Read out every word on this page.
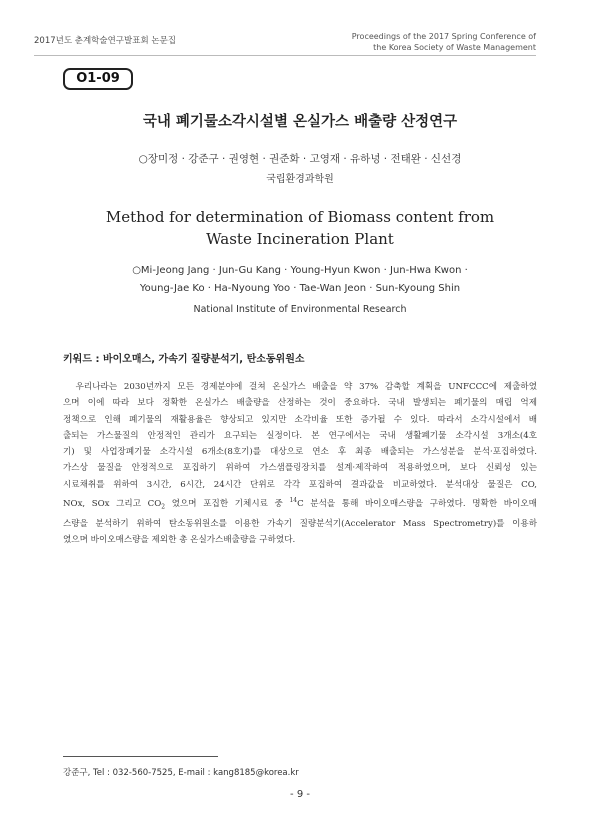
2017년도 춘계학술연구발표회 논문집	Proceedings of the 2017 Spring Conference of
the Korea Society of Waste Management
O1-09
국내 폐기물소각시설별 온실가스 배출량 산정연구
○장미정 · 강준구 · 권영현 · 권준화 · 고영재 · 유하녕 · 전태완 · 신선경
국립환경과학원
Method for determination of Biomass content from
Waste Incineration Plant
○Mi-Jeong Jang · Jun-Gu Kang · Young-Hyun Kwon · Jun-Hwa Kwon ·
Young-Jae Ko · Ha-Nyoung Yoo · Tae-Wan Jeon · Sun-Kyoung Shin
National Institute of Environmental Research
키워드 : 바이오매스, 가속기 질량분석기, 탄소동위원소
　우리나라는 2030년까지 모든 경제분야에 걸쳐 온실가스 배출을 약 37% 감축할 계획을 UNFCCC에 제출하였
으며 이에 따라 보다 정확한 온실가스 배출량을 산정하는 것이 중요하다. 국내 발생되는 폐기물의 매립 억제
정책으로 인해 폐기물의 재활용율은 향상되고 있지만 소각비율 또한 증가될 수 있다. 따라서 소각시설에서 배
출되는 가스물질의 안정적인 관리가 요구되는 실정이다. 본 연구에서는 국내 생활폐기물 소각시설 3개소(4호
기) 및 사업장폐기물 소각시설 6개소(8호기)를 대상으로 연소 후 최종 배출되는 가스성분을 분석·포집하였다.
가스상 물질을 안정적으로 포집하기 위하여 가스샘플링장치를 설계·제작하여 적용하였으며, 보다 신뢰성 있는
시료채취를 위하여 3시간, 6시간, 24시간 단위로 각각 포집하여 결과값을 비교하였다. 분석대상 물질은 CO,
NOx, SOx 그리고 $CO_2$ 였으며 포집한 기체시료 중 $^{14}$C 분석을 통해 바이오매스량을 구하였다. 명확한 바이오매
스량을 분석하기 위하여 탄소동위원소를 이용한 가속기 질량분석기(Accelerator Mass Spectrometry)를 이용하
였으며 바이오매스량을 제외한 총 온실가스배출량을 구하였다.
강준구, Tel : 032-560-7525, E-mail : kang8185@korea.kr
- 9 -
